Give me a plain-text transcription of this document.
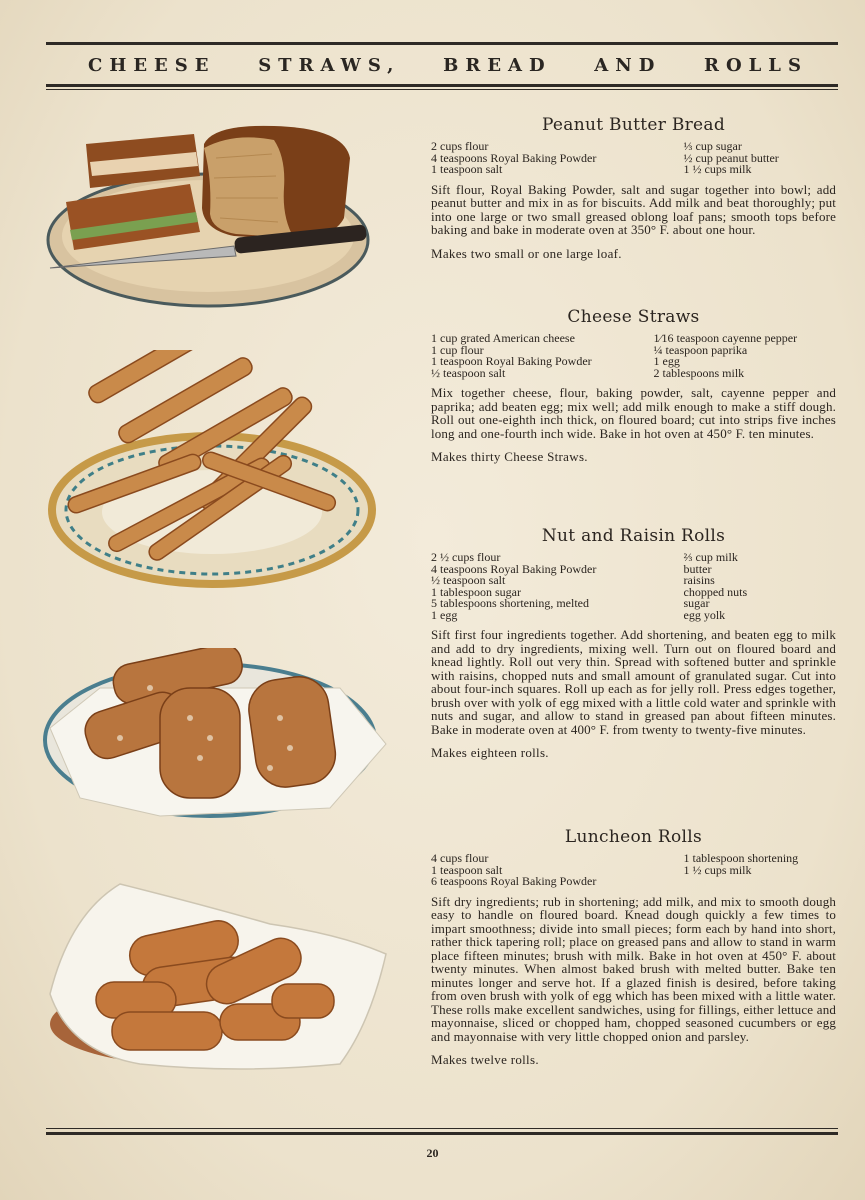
CHEESE STRAWS, BREAD AND ROLLS
Peanut Butter Bread
2 cups flour
4 teaspoons Royal Baking Powder
1 teaspoon salt
⅓ cup sugar
½ cup peanut butter
1 ½ cups milk

Sift flour, Royal Baking Powder, salt and sugar together into bowl; add peanut butter and mix in as for biscuits. Add milk and beat thoroughly; put into one large or two small greased oblong loaf pans; smooth tops before baking and bake in moderate oven at 350° F. about one hour.

Makes two small or one large loaf.

Cheese Straws
1 cup grated American cheese
1 cup flour
1 teaspoon Royal Baking Powder
½ teaspoon salt
1⁄16 teaspoon cayenne pepper
¼ teaspoon paprika
1 egg
2 tablespoons milk

Mix together cheese, flour, baking powder, salt, cayenne pepper and paprika; add beaten egg; mix well; add milk enough to make a stiff dough. Roll out one-eighth inch thick, on floured board; cut into strips five inches long and one-fourth inch wide. Bake in hot oven at 450° F. ten minutes.

Makes thirty Cheese Straws.

Nut and Raisin Rolls
2 ½ cups flour
4 teaspoons Royal Baking Powder
½ teaspoon salt
1 tablespoon sugar
5 tablespoons shortening, melted
1 egg
⅔ cup milk
butter
raisins
chopped nuts
sugar
egg yolk

Sift first four ingredients together. Add shortening, and beaten egg to milk and add to dry ingredients, mixing well. Turn out on floured board and knead lightly. Roll out very thin. Spread with softened butter and sprinkle with raisins, chopped nuts and small amount of granulated sugar. Cut into about four-inch squares. Roll up each as for jelly roll. Press edges together, brush over with yolk of egg mixed with a little cold water and sprinkle with nuts and sugar, and allow to stand in greased pan about fifteen minutes. Bake in moderate oven at 400° F. from twenty to twenty-five minutes.

Makes eighteen rolls.

Luncheon Rolls
4 cups flour
1 teaspoon salt
6 teaspoons Royal Baking Powder
1 tablespoon shortening
1 ½ cups milk

Sift dry ingredients; rub in shortening; add milk, and mix to smooth dough easy to handle on floured board. Knead dough quickly a few times to impart smoothness; divide into small pieces; form each by hand into short, rather thick tapering roll; place on greased pans and allow to stand in warm place fifteen minutes; brush with milk. Bake in hot oven at 450° F. about twenty minutes. When almost baked brush with melted butter. Bake ten minutes longer and serve hot. If a glazed finish is desired, before taking from oven brush with yolk of egg which has been mixed with a little water. These rolls make excellent sandwiches, using for fillings, either lettuce and mayonnaise, sliced or chopped ham, chopped seasoned cucumbers or egg and mayonnaise with very little chopped onion and parsley.

Makes twelve rolls.

20
